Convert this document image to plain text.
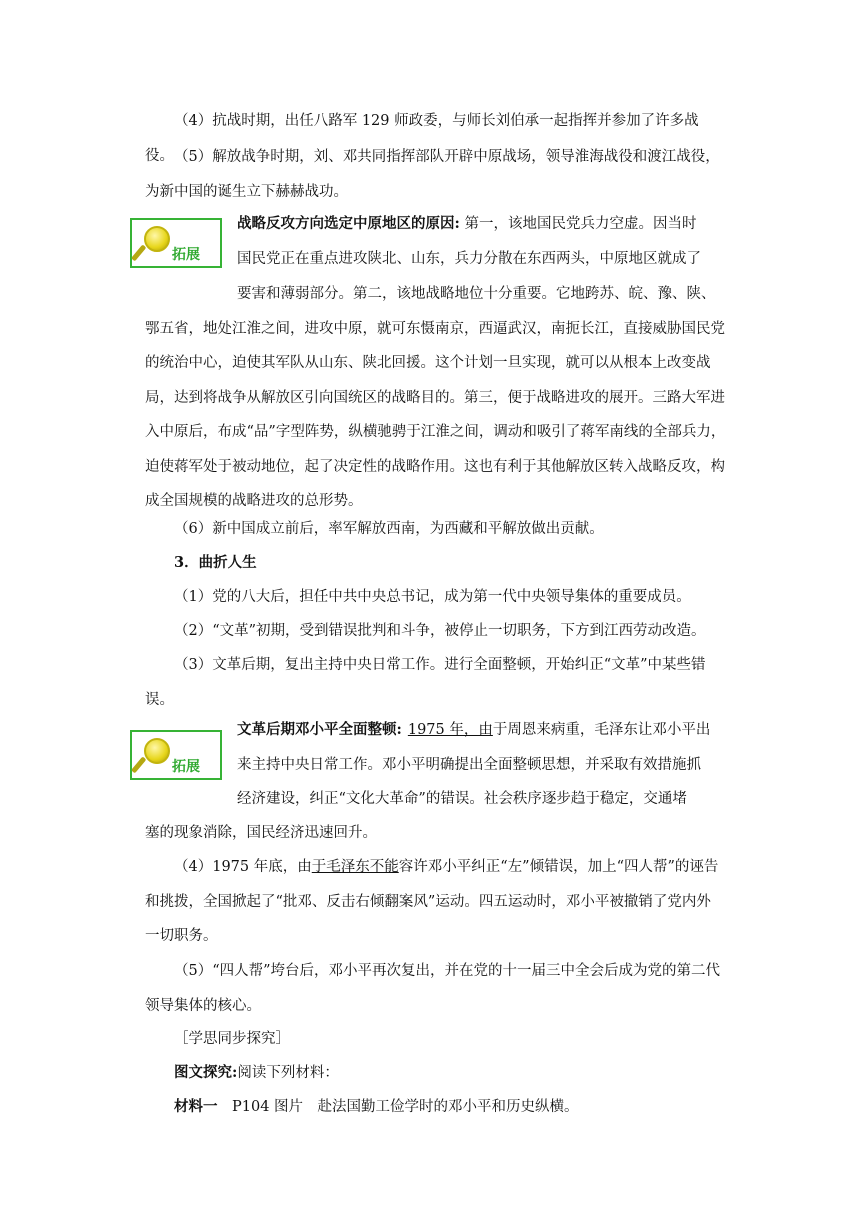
（4）抗战时期，出任八路军 129 师政委，与师长刘伯承一起指挥并参加了许多战役。 （5）解放战争时期，刘、邓共同指挥部队开辟中原战场，领导淮海战役和渡江战役，为新中国的诞生立下赫赫战功。
拓展
战略反攻方向选定中原地区的原因: 第一，该地国民党兵力空虚。因当时
国民党正在重点进攻陕北、山东，兵力分散在东西两头，中原地区就成了
要害和薄弱部分。第二，该地战略地位十分重要。它地跨苏、皖、豫、陕、鄂五省，地处江淮之间，进攻中原，就可东慑南京，西逼武汉，南扼长江，直接威胁国民党的统治中心，迫使其军队从山东、陕北回援。这个计划一旦实现，就可以从根本上改变战局，达到将战争从解放区引向国统区的战略目的。第三，便于战略进攻的展开。三路大军进入中原后，布成“品”字型阵势，纵横驰骋于江淮之间，调动和吸引了蒋军南线的全部兵力，迫使蒋军处于被动地位，起了决定性的战略作用。这也有利于其他解放区转入战略反攻，构成全国规模的战略进攻的总形势。
（6）新中国成立前后，率军解放西南，为西藏和平解放做出贡献。
3．曲折人生
（1）党的八大后，担任中共中央总书记，成为第一代中央领导集体的重要成员。
（2）“文革”初期，受到错误批判和斗争，被停止一切职务，下方到江西劳动改造。
（3）文革后期，复出主持中央日常工作。进行全面整顿，开始纠正“文革”中某些错误。
拓展
文革后期邓小平全面整顿: 1975 年，由于周恩来病重，毛泽东让邓小平出
来主持中央日常工作。邓小平明确提出全面整顿思想，并采取有效措施抓
经济建设，纠正“文化大革命”的错误。社会秩序逐步趋于稳定，交通堵
塞的现象消除，国民经济迅速回升。
（4）1975 年底，由于毛泽东不能容许邓小平纠正“左”倾错误，加上“四人帮”的诬告和挑拨，全国掀起了“批邓、反击右倾翻案风”运动。四五运动时，邓小平被撤销了党内外一切职务。
（5）“四人帮”垮台后，邓小平再次复出，并在党的十一届三中全会后成为党的第二代领导集体的核心。
［学思同步探究］
图文探究:阅读下列材料：
材料一　P104 图片　赴法国勤工俭学时的邓小平和历史纵横。
